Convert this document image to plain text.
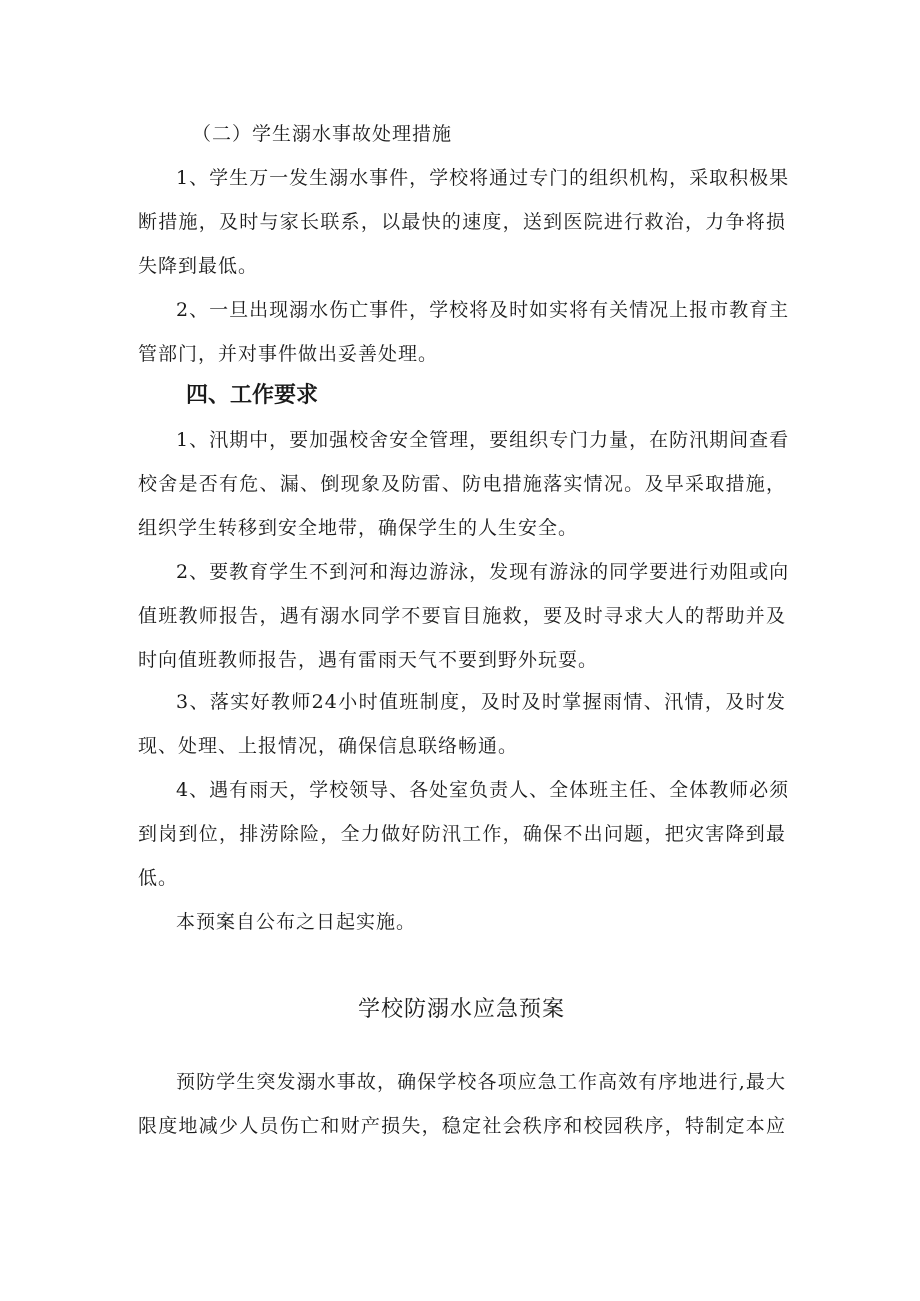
（二）学生溺水事故处理措施
1、学生万一发生溺水事件，学校将通过专门的组织机构，采取积极果
断措施，及时与家长联系，以最快的速度，送到医院进行救治，力争将损
失降到最低。
2、一旦出现溺水伤亡事件，学校将及时如实将有关情况上报市教育主
管部门，并对事件做出妥善处理。
四、工作要求
1、汛期中，要加强校舍安全管理，要组织专门力量，在防汛期间查看
校舍是否有危、漏、倒现象及防雷、防电措施落实情况。及早采取措施，
组织学生转移到安全地带，确保学生的人生安全。
2、要教育学生不到河和海边游泳，发现有游泳的同学要进行劝阻或向
值班教师报告，遇有溺水同学不要盲目施救，要及时寻求大人的帮助并及
时向值班教师报告，遇有雷雨天气不要到野外玩耍。
3、落实好教师24小时值班制度，及时及时掌握雨情、汛情，及时发
现、处理、上报情况，确保信息联络畅通。
4、遇有雨天，学校领导、各处室负责人、全体班主任、全体教师必须
到岗到位，排涝除险，全力做好防汛工作，确保不出问题，把灾害降到最
低。
本预案自公布之日起实施。
学校防溺水应急预案
预防学生突发溺水事故，确保学校各项应急工作高效有序地进行,最大
限度地减少人员伤亡和财产损失，稳定社会秩序和校园秩序，特制定本应
